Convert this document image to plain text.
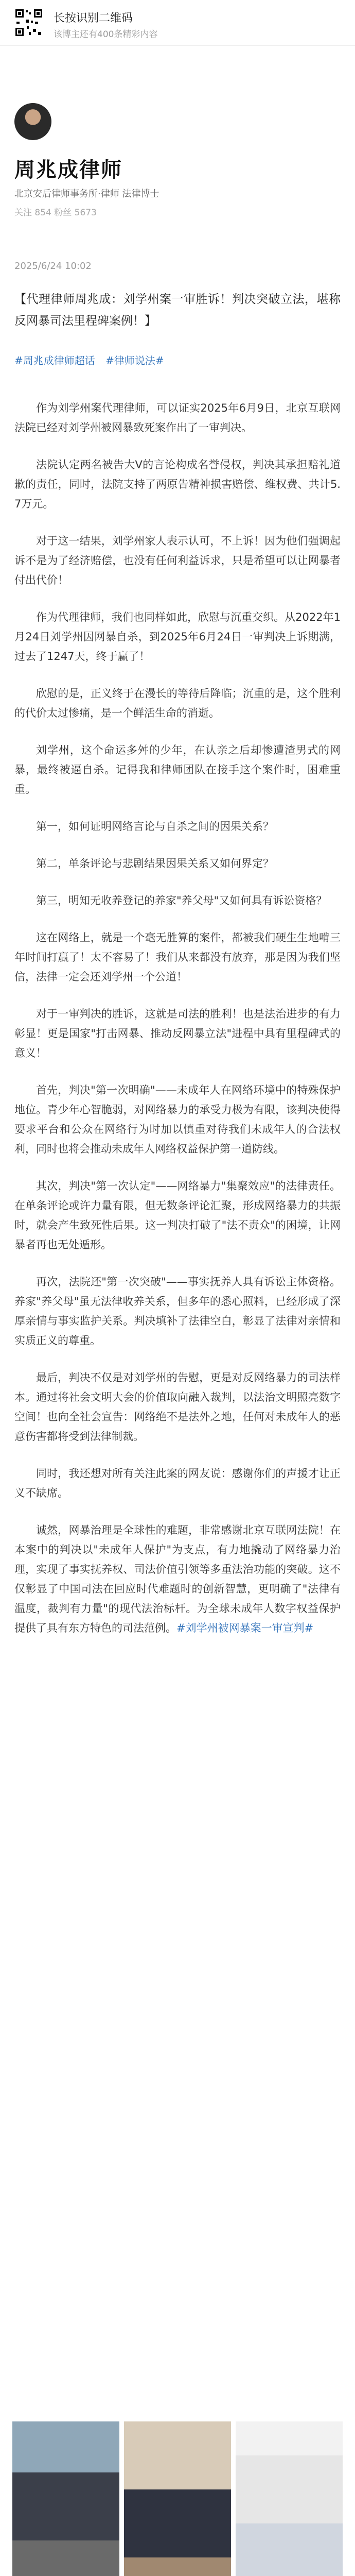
长按识别二维码
该博主还有400条精彩内容
周兆成律师
北京安后律师事务所·律师 法律博士
关注 854 粉丝 5673
2025/6/24 10:02

【代理律师周兆成：刘学州案一审胜诉！判决突破立法，堪称反网暴司法里程碑案例！】

#周兆成律师超话 #律师说法#

作为刘学州案代理律师，可以证实2025年6月9日，北京互联网法院已经对刘学州被网暴致死案作出了一审判决。

法院认定两名被告大V的言论构成名誉侵权，判决其承担赔礼道歉的责任，同时，法院支持了两原告精神损害赔偿、维权费、共计5.7万元。

对于这一结果，刘学州家人表示认可，不上诉！因为他们强调起诉不是为了经济赔偿，也没有任何利益诉求，只是希望可以让网暴者付出代价！

作为代理律师，我们也同样如此，欣慰与沉重交织。从2022年1月24日刘学州因网暴自杀，到2025年6月24日一审判决上诉期满，过去了1247天，终于赢了！

欣慰的是，正义终于在漫长的等待后降临；沉重的是，这个胜利的代价太过惨痛，是一个鲜活生命的消逝。

刘学州，这个命运多舛的少年，在认亲之后却惨遭渣男式的网暴，最终被逼自杀。记得我和律师团队在接手这个案件时，困难重重。

第一，如何证明网络言论与自杀之间的因果关系？

第二，单条评论与悲剧结果因果关系又如何界定？

第三，明知无收养登记的养家"养父母"又如何具有诉讼资格？

这在网络上，就是一个毫无胜算的案件，都被我们硬生生地啃三年时间打赢了！太不容易了！我们从来都没有放弃，那是因为我们坚信，法律一定会还刘学州一个公道！

对于一审判决的胜诉，这就是司法的胜利！也是法治进步的有力彰显！更是国家"打击网暴、推动反网暴立法"进程中具有里程碑式的意义！

首先，判决"第一次明确"——未成年人在网络环境中的特殊保护地位。青少年心智脆弱，对网络暴力的承受力极为有限，该判决使得要求平台和公众在网络行为时加以慎重对待我们未成年人的合法权利，同时也将会推动未成年人网络权益保护第一道防线。

其次，判决"第一次认定"——网络暴力"集聚效应"的法律责任。在单条评论或许力量有限，但无数条评论汇聚，形成网络暴力的共振时，就会产生致死性后果。这一判决打破了"法不责众"的困境，让网暴者再也无处遁形。

再次，法院还"第一次突破"——事实抚养人具有诉讼主体资格。养家"养父母"虽无法律收养关系，但多年的悉心照料，已经形成了深厚亲情与事实监护关系。判决填补了法律空白，彰显了法律对亲情和实质正义的尊重。

最后，判决不仅是对刘学州的告慰，更是对反网络暴力的司法样本。通过将社会文明大会的价值取向融入裁判，以法治文明照亮数字空间！也向全社会宣告：网络绝不是法外之地，任何对未成年人的恶意伤害都将受到法律制裁。

同时，我还想对所有关注此案的网友说：感谢你们的声援才让正义不缺席。

诚然，网暴治理是全球性的难题，非常感谢北京互联网法院！在本案中的判决以"未成年人保护"为支点，有力地撬动了网络暴力治理，实现了事实抚养权、司法价值引领等多重法治功能的突破。这不仅彰显了中国司法在回应时代难题时的创新智慧，更明确了"法律有温度，裁判有力量"的现代法治标杆。为全球未成年人数字权益保护提供了具有东方特色的司法范例。#刘学州被网暴案一审宣判#
